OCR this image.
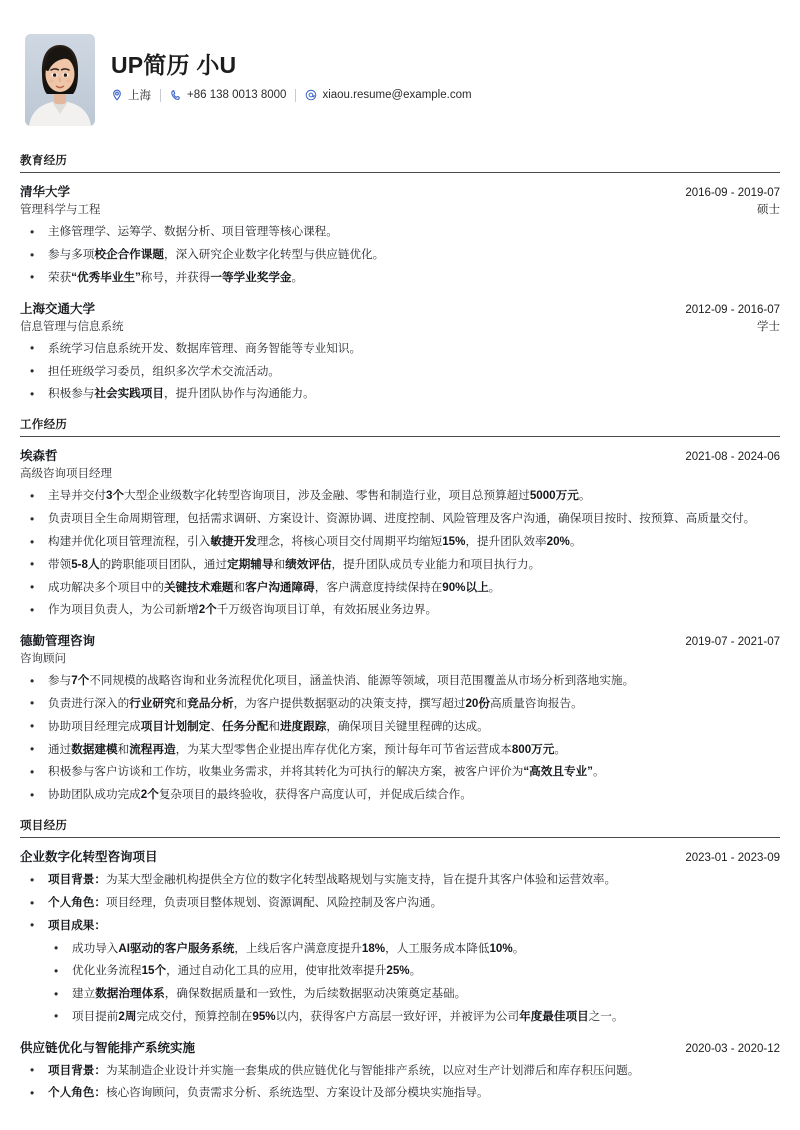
UP简历 小U
上海	+86 138 0013 8000	xiaou.resume@example.com
教育经历
清华大学	2016-09 - 2019-07
管理科学与工程	硕士
• 主修管理学、运筹学、数据分析、项目管理等核心课程。
• 参与多项校企合作课题，深入研究企业数字化转型与供应链优化。
• 荣获“优秀毕业生”称号，并获得一等学业奖学金。
上海交通大学	2012-09 - 2016-07
信息管理与信息系统	学士
• 系统学习信息系统开发、数据库管理、商务智能等专业知识。
• 担任班级学习委员，组织多次学术交流活动。
• 积极参与社会实践项目，提升团队协作与沟通能力。
工作经历
埃森哲	2021-08 - 2024-06
高级咨询项目经理
• 主导并交付3个大型企业级数字化转型咨询项目，涉及金融、零售和制造行业，项目总预算超过5000万元。
• 负责项目全生命周期管理，包括需求调研、方案设计、资源协调、进度控制、风险管理及客户沟通，确保项目按时、按预算、高质量交付。
• 构建并优化项目管理流程，引入敏捷开发理念，将核心项目交付周期平均缩短15%，提升团队效率20%。
• 带领5-8人的跨职能项目团队，通过定期辅导和绩效评估，提升团队成员专业能力和项目执行力。
• 成功解决多个项目中的关键技术难题和客户沟通障碍，客户满意度持续保持在90%以上。
• 作为项目负责人，为公司新增2个千万级咨询项目订单，有效拓展业务边界。
德勤管理咨询	2019-07 - 2021-07
咨询顾问
• 参与7个不同规模的战略咨询和业务流程优化项目，涵盖快消、能源等领域，项目范围覆盖从市场分析到落地实施。
• 负责进行深入的行业研究和竞品分析，为客户提供数据驱动的决策支持，撰写超过20份高质量咨询报告。
• 协助项目经理完成项目计划制定、任务分配和进度跟踪，确保项目关键里程碑的达成。
• 通过数据建模和流程再造，为某大型零售企业提出库存优化方案，预计每年可节省运营成本800万元。
• 积极参与客户访谈和工作坊，收集业务需求，并将其转化为可执行的解决方案，被客户评价为“高效且专业”。
• 协助团队成功完成2个复杂项目的最终验收，获得客户高度认可，并促成后续合作。
项目经历
企业数字化转型咨询项目	2023-01 - 2023-09
• 项目背景：为某大型金融机构提供全方位的数字化转型战略规划与实施支持，旨在提升其客户体验和运营效率。
• 个人角色：项目经理，负责项目整体规划、资源调配、风险控制及客户沟通。
• 项目成果：
• 成功导入AI驱动的客户服务系统，上线后客户满意度提升18%，人工服务成本降低10%。
• 优化业务流程15个，通过自动化工具的应用，使审批效率提升25%。
• 建立数据治理体系，确保数据质量和一致性，为后续数据驱动决策奠定基础。
• 项目提前2周完成交付，预算控制在95%以内，获得客户方高层一致好评，并被评为公司年度最佳项目之一。
供应链优化与智能排产系统实施	2020-03 - 2020-12
• 项目背景：为某制造企业设计并实施一套集成的供应链优化与智能排产系统，以应对生产计划滞后和库存积压问题。
• 个人角色：核心咨询顾问，负责需求分析、系统选型、方案设计及部分模块实施指导。
